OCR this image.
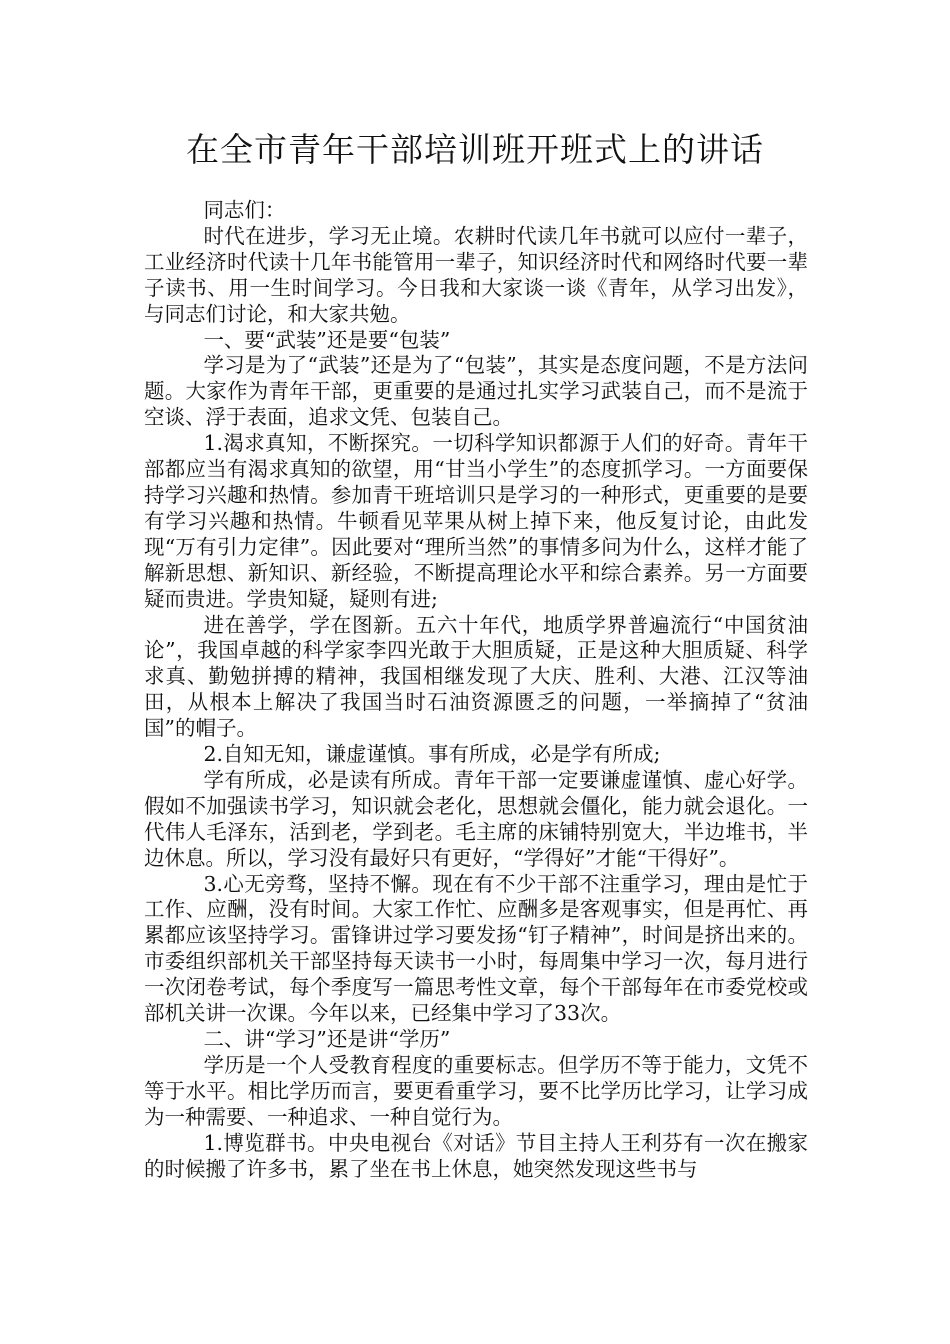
在全市青年干部培训班开班式上的讲话

同志们：

时代在进步，学习无止境。农耕时代读几年书就可以应付一辈子，工业经济时代读十几年书能管用一辈子，知识经济时代和网络时代要一辈子读书、用一生时间学习。今日我和大家谈一谈《青年，从学习出发》，与同志们讨论，和大家共勉。

一、要“武装”还是要“包装”

学习是为了“武装”还是为了“包装”，其实是态度问题，不是方法问题。大家作为青年干部，更重要的是通过扎实学习武装自己，而不是流于空谈、浮于表面，追求文凭、包装自己。

1.渴求真知，不断探究。一切科学知识都源于人们的好奇。青年干部都应当有渴求真知的欲望，用“甘当小学生”的态度抓学习。一方面要保持学习兴趣和热情。参加青干班培训只是学习的一种形式，更重要的是要有学习兴趣和热情。牛顿看见苹果从树上掉下来，他反复讨论，由此发现“万有引力定律”。因此要对“理所当然”的事情多问为什么，这样才能了解新思想、新知识、新经验，不断提高理论水平和综合素养。另一方面要疑而贵进。学贵知疑，疑则有进;

进在善学，学在图新。五六十年代，地质学界普遍流行“中国贫油论”，我国卓越的科学家李四光敢于大胆质疑，正是这种大胆质疑、科学求真、勤勉拼搏的精神，我国相继发现了大庆、胜利、大港、江汉等油田，从根本上解决了我国当时石油资源匮乏的问题，一举摘掉了“贫油国”的帽子。

2.自知无知，谦虚谨慎。事有所成，必是学有所成;

学有所成，必是读有所成。青年干部一定要谦虚谨慎、虚心好学。假如不加强读书学习，知识就会老化，思想就会僵化，能力就会退化。一代伟人毛泽东，活到老，学到老。毛主席的床铺特别宽大，半边堆书，半边休息。所以，学习没有最好只有更好，“学得好”才能“干得好”。

3.心无旁骛，坚持不懈。现在有不少干部不注重学习，理由是忙于工作、应酬，没有时间。大家工作忙、应酬多是客观事实，但是再忙、再累都应该坚持学习。雷锋讲过学习要发扬“钉子精神”，时间是挤出来的。市委组织部机关干部坚持每天读书一小时，每周集中学习一次，每月进行一次闭卷考试，每个季度写一篇思考性文章，每个干部每年在市委党校或部机关讲一次课。今年以来，已经集中学习了33次。

二、讲“学习”还是讲“学历”

学历是一个人受教育程度的重要标志。但学历不等于能力，文凭不等于水平。相比学历而言，要更看重学习，要不比学历比学习，让学习成为一种需要、一种追求、一种自觉行为。

1.博览群书。中央电视台《对话》节目主持人王利芬有一次在搬家的时候搬了许多书，累了坐在书上休息，她突然发现这些书与
